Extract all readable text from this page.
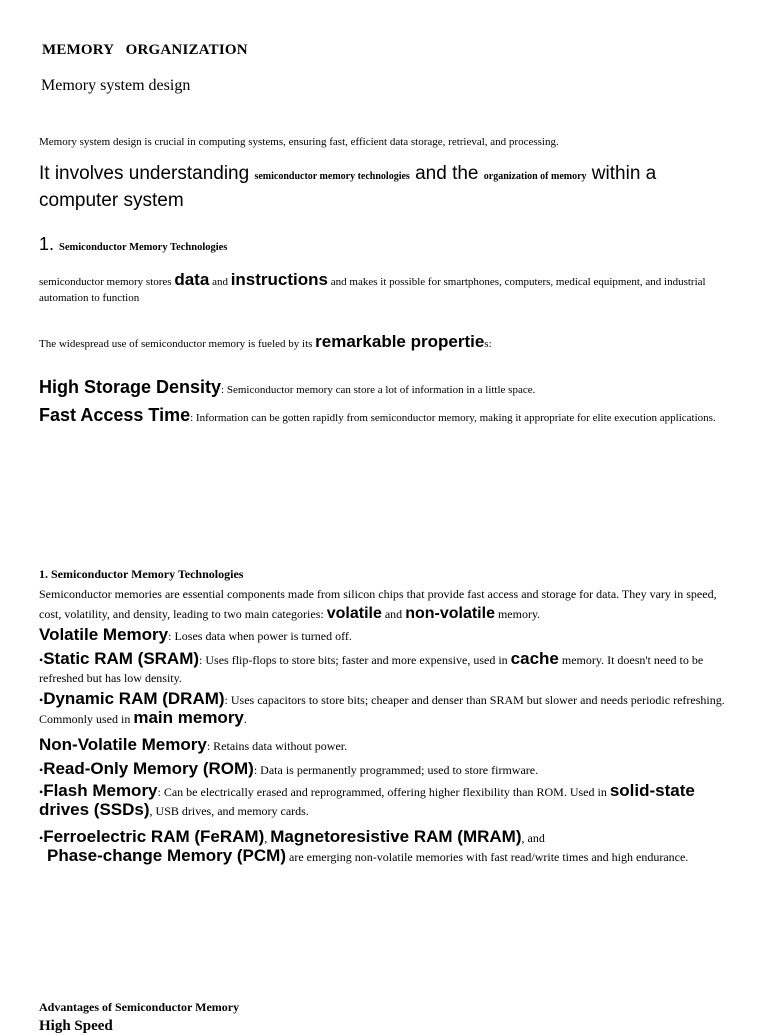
MEMORY   ORGANIZATION
Memory system design
Memory system design is crucial in computing systems, ensuring fast, efficient data storage, retrieval, and processing.
It involves understanding semiconductor memory technologies and the organization of memory within a computer system
1. Semiconductor Memory Technologies
semiconductor memory stores data and instructions and makes it possible for smartphones, computers, medical equipment, and industrial automation to function
The widespread use of semiconductor memory is fueled by its remarkable properties:
High Storage Density: Semiconductor memory can store a lot of information in a little space.
Fast Access Time: Information can be gotten rapidly from semiconductor memory, making it appropriate for elite execution applications.
1. Semiconductor Memory Technologies
Semiconductor memories are essential components made from silicon chips that provide fast access and storage for data. They vary in speed, cost, volatility, and density, leading to two main categories: volatile and non-volatile memory.
Volatile Memory: Loses data when power is turned off.
•Static RAM (SRAM): Uses flip-flops to store bits; faster and more expensive, used in cache memory. It doesn't need to be refreshed but has low density.
•Dynamic RAM (DRAM): Uses capacitors to store bits; cheaper and denser than SRAM but slower and needs periodic refreshing. Commonly used in main memory.
Non-Volatile Memory: Retains data without power.
•Read-Only Memory (ROM): Data is permanently programmed; used to store firmware.
•Flash Memory: Can be electrically erased and reprogrammed, offering higher flexibility than ROM. Used in solid-state drives (SSDs), USB drives, and memory cards.
•Ferroelectric RAM (FeRAM), Magnetoresistive RAM (MRAM), and
Phase-change Memory (PCM) are emerging non-volatile memories with fast read/write times and high endurance.
Advantages of Semiconductor Memory
High Speed
